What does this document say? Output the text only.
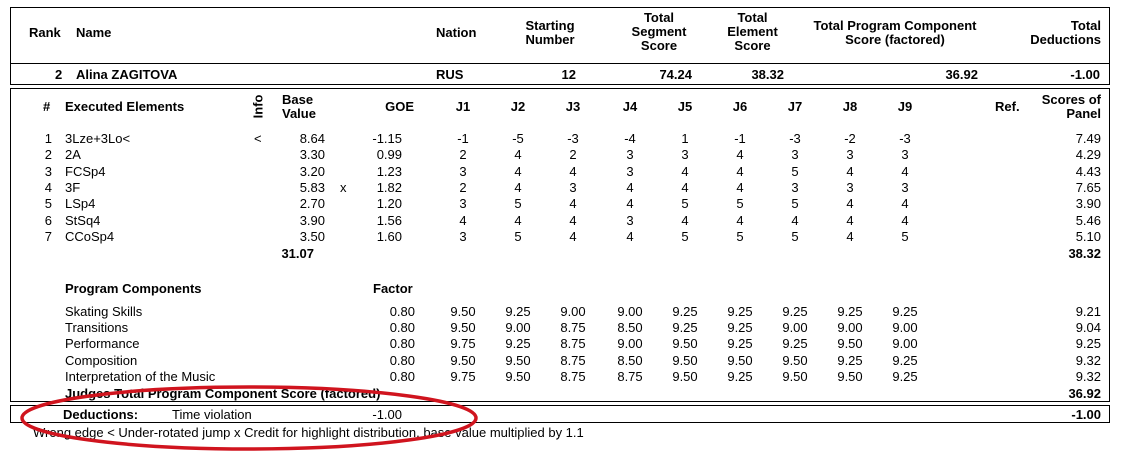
Rank Name	Nation	Starting
Number
Total
Segment
Score
Total
Element
Score
Total Program Component
Score (factored)
Total
Deductions
2 Alina ZAGITOVA	RUS	12	74.24	38.32	36.92	-1.00
# Executed Elements	Info Base
Value	GOE	J1	J2	J3	J4	J5	J6	J7	J8	J9	Ref.	Scores of
Panel
1 3Lze+3Lo<	<	8.64	-1.15	-1	-5	-3	-4	1	-1	-3	-2	-3	7.49
2 2A	3.30	0.99	2	4	2	3	3	4	3	3	3	4.29
3 FCSp4	3.20	1.23	3	4	4	3	4	4	5	4	4	4.43
4 3F	5.83 x	1.82	2	4	3	4	4	4	3	3	3	7.65
5 LSp4	2.70	1.20	3	5	4	4	5	5	5	4	4	3.90
6 StSq4	3.90	1.56	4	4	4	3	4	4	4	4	4	5.46
7 CCoSp4	3.50	1.60	3	5	4	4	5	5	5	4	5	5.10
31.07	38.32
Program Components	Factor
Skating Skills	0.80	9.50	9.25	9.00	9.00	9.25	9.25	9.25	9.25	9.25	9.21
Transitions	0.80	9.50	9.00	8.75	8.50	9.25	9.25	9.00	9.00	9.00	9.04
Performance	0.80	9.75	9.25	8.75	9.00	9.50	9.25	9.25	9.50	9.00	9.25
Composition	0.80	9.50	9.50	8.75	8.50	9.50	9.50	9.50	9.25	9.25	9.32
Interpretation of the Music	0.80	9.75	9.50	8.75	8.75	9.50	9.25	9.50	9.50	9.25	9.32
Judges Total Program Component Score (factored)	36.92
Deductions:	Time violation	-1.00	-1.00
Wrong edge < Under-rotated jump x Credit for highlight distribution, base value multiplied by 1.1
